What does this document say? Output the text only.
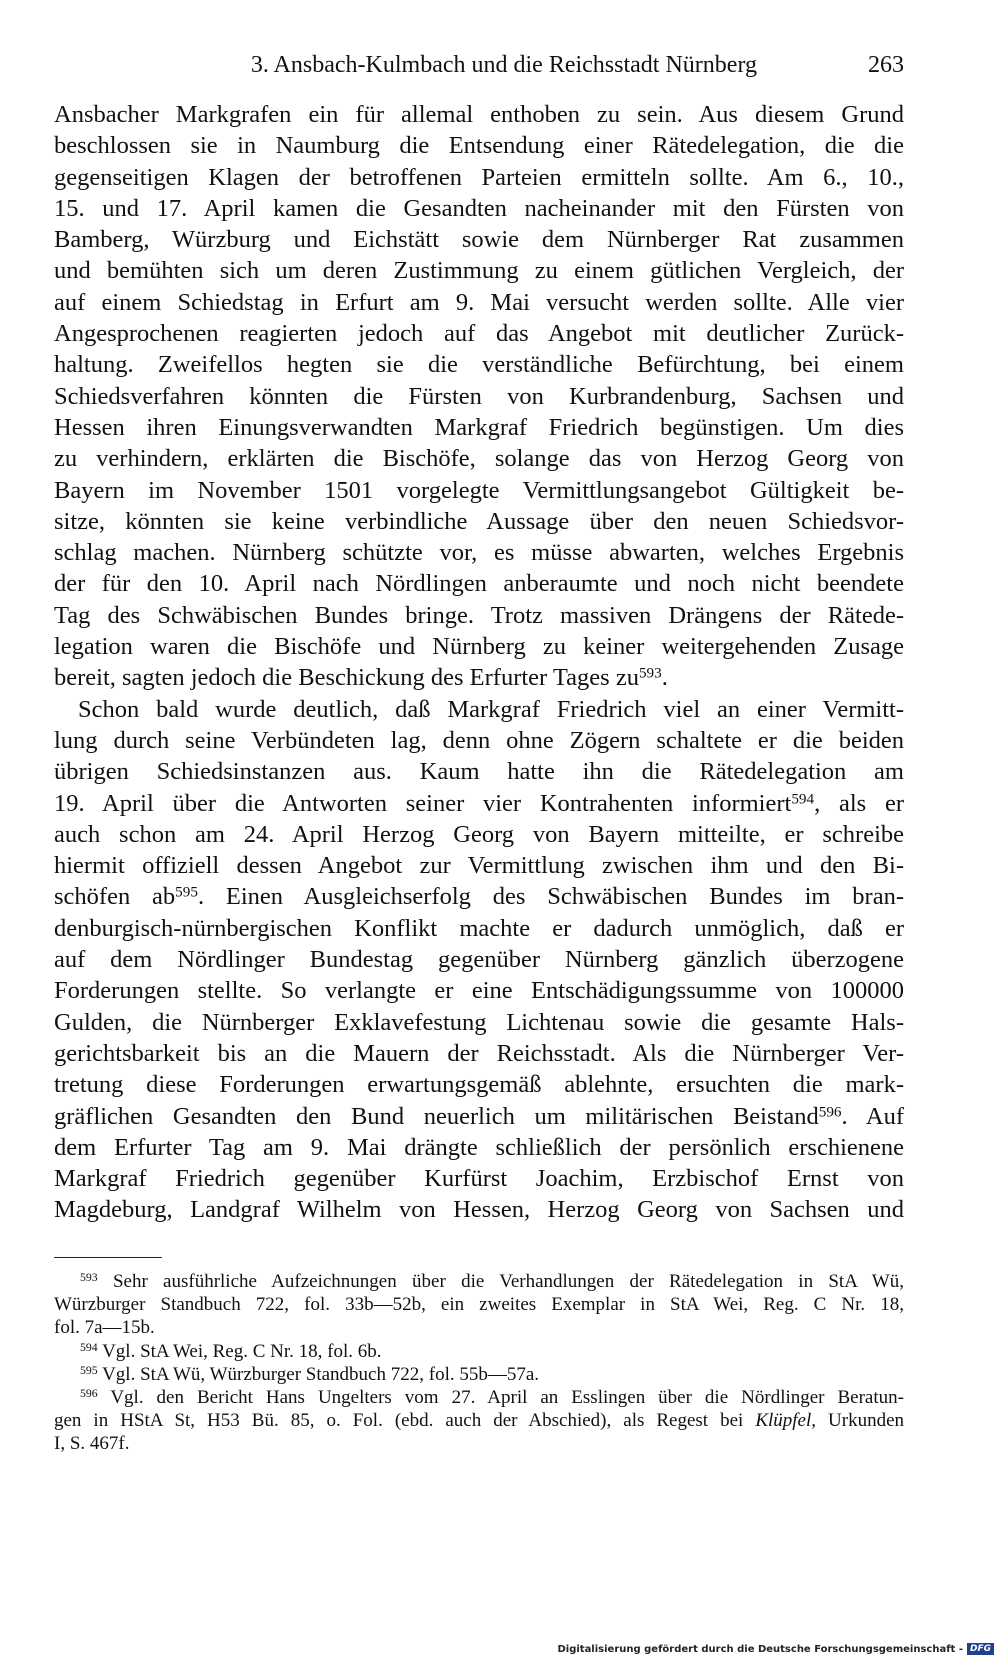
3. Ansbach-Kulmbach und die Reichsstadt Nürnberg	263
Ansbacher Markgrafen ein für allemal enthoben zu sein. Aus diesem Grund
beschlossen sie in Naumburg die Entsendung einer Rätedelegation, die die
gegenseitigen Klagen der betroffenen Parteien ermitteln sollte. Am 6., 10.,
15. und 17. April kamen die Gesandten nacheinander mit den Fürsten von
Bamberg, Würzburg und Eichstätt sowie dem Nürnberger Rat zusammen
und bemühten sich um deren Zustimmung zu einem gütlichen Vergleich, der
auf einem Schiedstag in Erfurt am 9. Mai versucht werden sollte. Alle vier
Angesprochenen reagierten jedoch auf das Angebot mit deutlicher Zurück-
haltung. Zweifellos hegten sie die verständliche Befürchtung, bei einem
Schiedsverfahren könnten die Fürsten von Kurbrandenburg, Sachsen und
Hessen ihren Einungsverwandten Markgraf Friedrich begünstigen. Um dies
zu verhindern, erklärten die Bischöfe, solange das von Herzog Georg von
Bayern im November 1501 vorgelegte Vermittlungsangebot Gültigkeit be-
sitze, könnten sie keine verbindliche Aussage über den neuen Schiedsvor-
schlag machen. Nürnberg schützte vor, es müsse abwarten, welches Ergebnis
der für den 10. April nach Nördlingen anberaumte und noch nicht beendete
Tag des Schwäbischen Bundes bringe. Trotz massiven Drängens der Rätede-
legation waren die Bischöfe und Nürnberg zu keiner weitergehenden Zusage
bereit, sagten jedoch die Beschickung des Erfurter Tages $zu^{593}$.
Schon bald wurde deutlich, daß Markgraf Friedrich viel an einer Vermitt-
lung durch seine Verbündeten lag, denn ohne Zögern schaltete er die beiden
übrigen Schiedsinstanzen aus. Kaum hatte ihn die Rätedelegation am
19. April über die Antworten seiner vier Kontrahenten informiert$^{594}$, als er
auch schon am 24. April Herzog Georg von Bayern mitteilte, er schreibe
hiermit offiziell dessen Angebot zur Vermittlung zwischen ihm und den Bi-
schöfen $ab^{595}$. Einen Ausgleichserfolg des Schwäbischen Bundes im bran-
denburgisch-nürnbergischen Konflikt machte er dadurch unmöglich, daß er
auf dem Nördlinger Bundestag gegenüber Nürnberg gänzlich überzogene
Forderungen stellte. So verlangte er eine Entschädigungssumme von 100000
Gulden, die Nürnberger Exklavefestung Lichtenau sowie die gesamte Hals-
gerichtsbarkeit bis an die Mauern der Reichsstadt. Als die Nürnberger Ver-
tretung diese Forderungen erwartungsgemäß ablehnte, ersuchten die mark-
gräflichen Gesandten den Bund neuerlich um militärischen Beistand$^{596}$. Auf
dem Erfurter Tag am 9. Mai drängte schließlich der persönlich erschienene
Markgraf Friedrich gegenüber Kurfürst Joachim, Erzbischof Ernst von
Magdeburg, Landgraf Wilhelm von Hessen, Herzog Georg von Sachsen und
$^{593}$ Sehr ausführliche Aufzeichnungen über die Verhandlungen der Rätedelegation in StA Wü,
Würzburger Standbuch 722, fol. 33b—52b, ein zweites Exemplar in StA Wei, Reg. C Nr. 18,
fol. 7a—15b.
$^{594}$ Vgl. StA Wei, Reg. C Nr. 18, fol. 6b.
$^{595}$ Vgl. StA Wü, Würzburger Standbuch 722, fol. 55b—57a.
$^{596}$ Vgl. den Bericht Hans Ungelters vom 27. April an Esslingen über die Nördlinger Beratun-
gen in HStA St, H53 Bü. 85, o. Fol. (ebd. auch der Abschied), als Regest bei Klüpfel, Urkunden
I, S. 467f.
Digitalisierung gefördert durch die Deutsche Forschungsgemeinschaft - DFG
